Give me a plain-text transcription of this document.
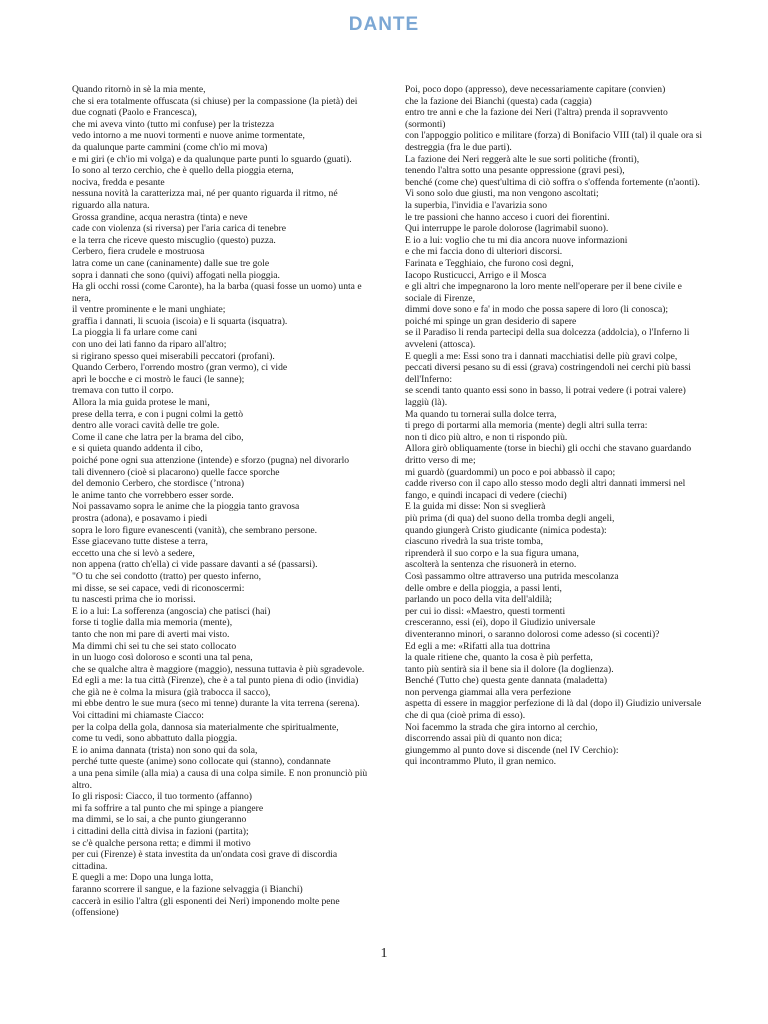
DANTE

Quando ritornò in sè la mia mente,

che si era totalmente offuscata (si chiuse) per la compassione (la pietà) dei due cognati (Paolo e Francesca),

che mi aveva vinto (tutto mi confuse) per la tristezza

vedo intorno a me nuovi tormenti e nuove anime tormentate,

da qualunque parte cammini (come ch'io mi mova)

e mi giri (e ch'io mi volga) e da qualunque parte punti lo sguardo (guati).

Io sono al terzo cerchio, che è quello della pioggia eterna,

nociva, fredda e pesante

nessuna novità la caratterizza mai, né per quanto riguarda il ritmo, né riguardo alla natura.

Grossa grandine, acqua nerastra (tinta) e neve

cade con violenza (si riversa) per l'aria carica di tenebre

e la terra che riceve questo miscuglio (questo) puzza.

Cerbero, fiera crudele e mostruosa

latra come un cane (caninamente) dalle sue tre gole

sopra i dannati che sono (quivi) affogati nella pioggia.

Ha gli occhi rossi (come Caronte), ha la barba (quasi fosse un uomo) unta e nera,

il ventre prominente e le mani unghiate;

graffia i dannati, li scuoia (iscoia) e li squarta (isquatra).

La pioggia li fa urlare come cani

con uno dei lati fanno da riparo all'altro;

si rigirano spesso quei miserabili peccatori (profani).

Quando Cerbero, l'orrendo mostro (gran vermo), ci vide

aprì le bocche e ci mostrò le fauci (le sanne);

tremava con tutto il corpo.

Allora la mia guida protese le mani,

prese della terra, e con i pugni colmi la gettò

dentro alle voraci cavità delle tre gole.

Come il cane che latra per la brama del cibo,

e si quieta quando addenta il cibo,

poiché pone ogni sua attenzione (intende) e sforzo (pugna) nel divorarlo

tali divennero (cioè si placarono) quelle facce sporche

del demonio Cerbero, che stordisce (’ntrona)

le anime tanto che vorrebbero esser sorde.

Noi passavamo sopra le anime che la pioggia tanto gravosa

prostra (adona), e posavamo i piedi

sopra le loro figure evanescenti (vanità), che sembrano persone.

Esse giacevano tutte distese a terra,

eccetto una che si levò a sedere,

non appena (ratto ch'ella) ci vide passare davanti a sé (passarsi).

"O tu che sei condotto (tratto) per questo inferno,

mi disse, se sei capace, vedi di riconoscermi:

tu nascesti prima che io morissi.

E io a lui: La sofferenza (angoscia) che patisci (hai)

forse ti toglie dalla mia memoria (mente),

tanto che non mi pare di averti mai visto.

Ma dimmi chi sei tu che sei stato collocato

in un luogo così doloroso e sconti una tal pena,

che se qualche altra è maggiore (maggio), nessuna tuttavia è più sgradevole.

Ed egli a me: la tua città (Firenze), che è a tal punto piena di odio (invidia)

che già ne è colma la misura (già trabocca il sacco),

mi ebbe dentro le sue mura (seco mi tenne) durante la vita terrena (serena).

Voi cittadini mi chiamaste Ciacco:

per la colpa della gola, dannosa sia materialmente che spiritualmente,

come tu vedi, sono abbattuto dalla pioggia.

E io anima dannata (trista) non sono qui da sola,

perché tutte queste (anime) sono collocate qui (stanno), condannate

a una pena simile (alla mia) a causa di una colpa simile. E non pronunciò più altro.

Io gli risposi: Ciacco, il tuo tormento (affanno)

mi fa soffrire a tal punto che mi spinge a piangere

ma dimmi, se lo sai, a che punto giungeranno

i cittadini della città divisa in fazioni (partita);

se c'è qualche persona retta; e dimmi il motivo

per cui (Firenze) è stata investita da un'ondata così grave di discordia cittadina.

E quegli a me: Dopo una lunga lotta,

faranno scorrere il sangue, e la fazione selvaggia (i Bianchi)

caccerà in esilio l'altra (gli esponenti dei Neri) imponendo molte pene (offensione)

Poi, poco dopo (appresso), deve necessariamente capitare (convien)

che la fazione dei Bianchi (questa) cada (caggia)

entro tre anni e che la fazione dei Neri (l'altra) prenda il sopravvento (sormonti)

con l'appoggio politico e militare (forza) di Bonifacio VIII (tal) il quale ora si destreggia (fra le due parti).

La fazione dei Neri reggerà alte le sue sorti politiche (fronti),

tenendo l'altra sotto una pesante oppressione (gravi pesi),

benché (come che) quest'ultima di ciò soffra o s'offenda fortemente (n'aonti).

Vi sono solo due giusti, ma non vengono ascoltati;

la superbia, l'invidia e l'avarizia sono

le tre passioni che hanno acceso i cuori dei fiorentini.

Qui interruppe le parole dolorose (lagrimabil suono).

E io a lui: voglio che tu mi dia ancora nuove informazioni

e che mi faccia dono di ulteriori discorsi.

Farinata e Tegghiaio, che furono così degni,

Iacopo Rusticucci, Arrigo e il Mosca

e gli altri che impegnarono la loro mente nell'operare per il bene civile e sociale di Firenze,

dimmi dove sono e fa' in modo che possa sapere di loro (li conosca);

poiché mi spinge un gran desiderio di sapere

se il Paradiso li renda partecipi della sua dolcezza (addolcia), o l'Inferno li avveleni (attosca).

E quegli a me: Essi sono tra i dannati macchiatisi delle più gravi colpe,

peccati diversi pesano su di essi (grava) costringendoli nei cerchi più bassi dell'Inferno:

se scendi tanto quanto essi sono in basso, li potrai vedere (i potrai valere) laggiù (là).

Ma quando tu tornerai sulla dolce terra,

ti prego di portarmi alla memoria (mente) degli altri sulla terra:

non ti dico più altro, e non ti rispondo più.

Allora girò obliquamente (torse in biechi) gli occhi che stavano guardando dritto verso di me;

mi guardò (guardommi) un poco e poi abbassò il capo;

cadde riverso con il capo allo stesso modo degli altri dannati immersi nel fango, e quindi incapaci di vedere (ciechi)

E la guida mi disse: Non si sveglierà

più prima (di qua) del suono della tromba degli angeli,

quando giungerà Cristo giudicante (nimica podesta):

ciascuno rivedrà la sua triste tomba,

riprenderà il suo corpo e la sua figura umana,

ascolterà la sentenza che risuonerà in eterno.

Così passammo oltre attraverso una putrida mescolanza

delle ombre e della pioggia, a passi lenti,

parlando un poco della vita dell'aldilà;

per cui io dissi: «Maestro, questi tormenti

cresceranno, essi (ei), dopo il Giudizio universale

diventeranno minori, o saranno dolorosi come adesso (sì cocenti)?

Ed egli a me: «Rifatti alla tua dottrina

la quale ritiene che, quanto la cosa è più perfetta,

tanto più sentirà sia il bene sia il dolore (la doglienza).

Benché (Tutto che) questa gente dannata (maladetta)

non pervenga giammai alla vera perfezione

aspetta di essere in maggior perfezione di là dal (dopo il) Giudizio universale che di qua (cioè prima di esso).

Noi facemmo la strada che gira intorno al cerchio,

discorrendo assai più di quanto non dica;

giungemmo al punto dove si discende (nel IV Cerchio):

qui incontrammo Pluto, il gran nemico.

1
